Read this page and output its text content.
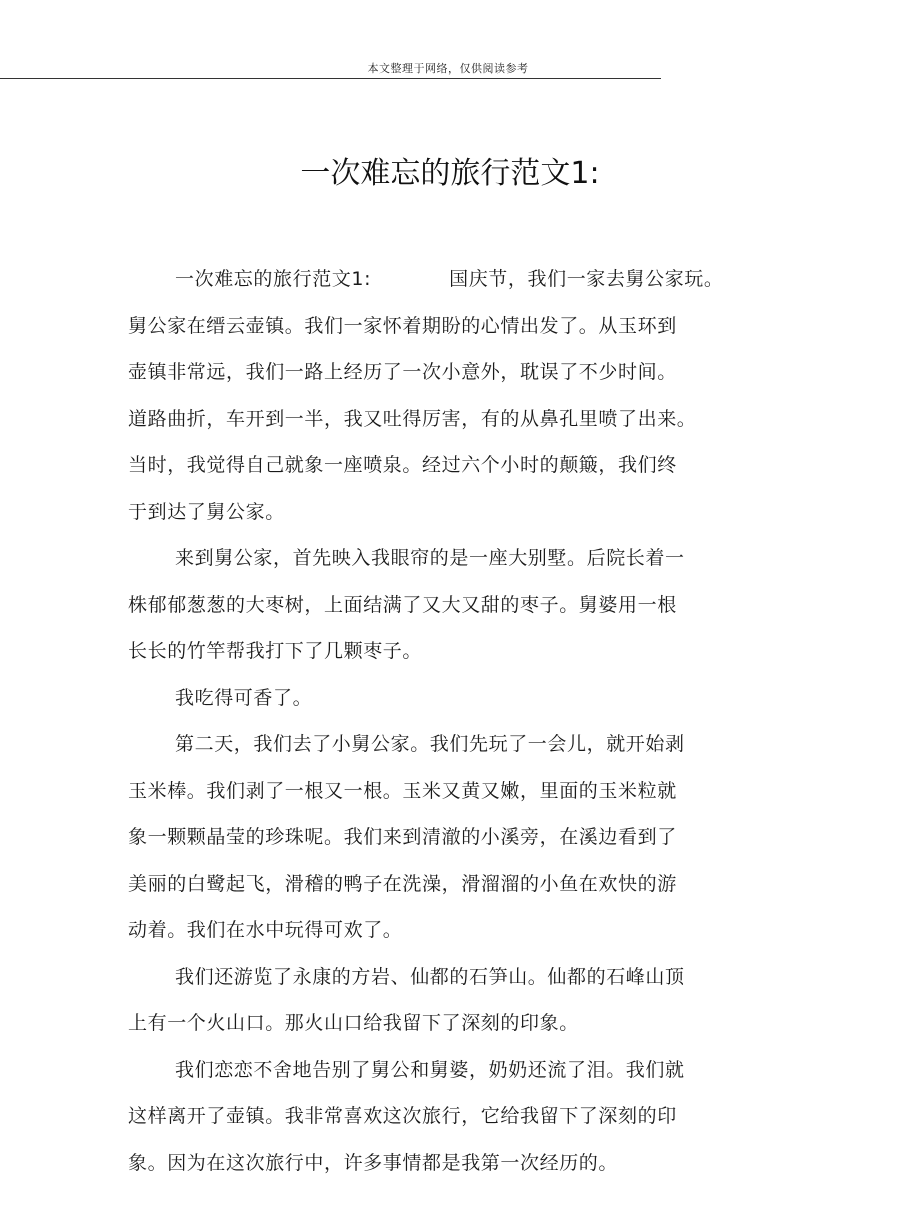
本文整理于网络，仅供阅读参考
一次难忘的旅行范文1:
一次难忘的旅行范文1:	国庆节，我们一家去舅公家玩。
舅公家在缙云壶镇。我们一家怀着期盼的心情出发了。从玉环到
壶镇非常远，我们一路上经历了一次小意外，耽误了不少时间。
道路曲折，车开到一半，我又吐得厉害，有的从鼻孔里喷了出来。
当时，我觉得自己就象一座喷泉。经过六个小时的颠簸，我们终
于到达了舅公家。
来到舅公家，首先映入我眼帘的是一座大别墅。后院长着一
株郁郁葱葱的大枣树，上面结满了又大又甜的枣子。舅婆用一根
长长的竹竿帮我打下了几颗枣子。
我吃得可香了。
第二天，我们去了小舅公家。我们先玩了一会儿，就开始剥
玉米棒。我们剥了一根又一根。玉米又黄又嫩，里面的玉米粒就
象一颗颗晶莹的珍珠呢。我们来到清澈的小溪旁，在溪边看到了
美丽的白鹭起飞，滑稽的鸭子在洗澡，滑溜溜的小鱼在欢快的游
动着。我们在水中玩得可欢了。
我们还游览了永康的方岩、仙都的石笋山。仙都的石峰山顶
上有一个火山口。那火山口给我留下了深刻的印象。
我们恋恋不舍地告别了舅公和舅婆，奶奶还流了泪。我们就
这样离开了壶镇。我非常喜欢这次旅行，它给我留下了深刻的印
象。因为在这次旅行中，许多事情都是我第一次经历的。
